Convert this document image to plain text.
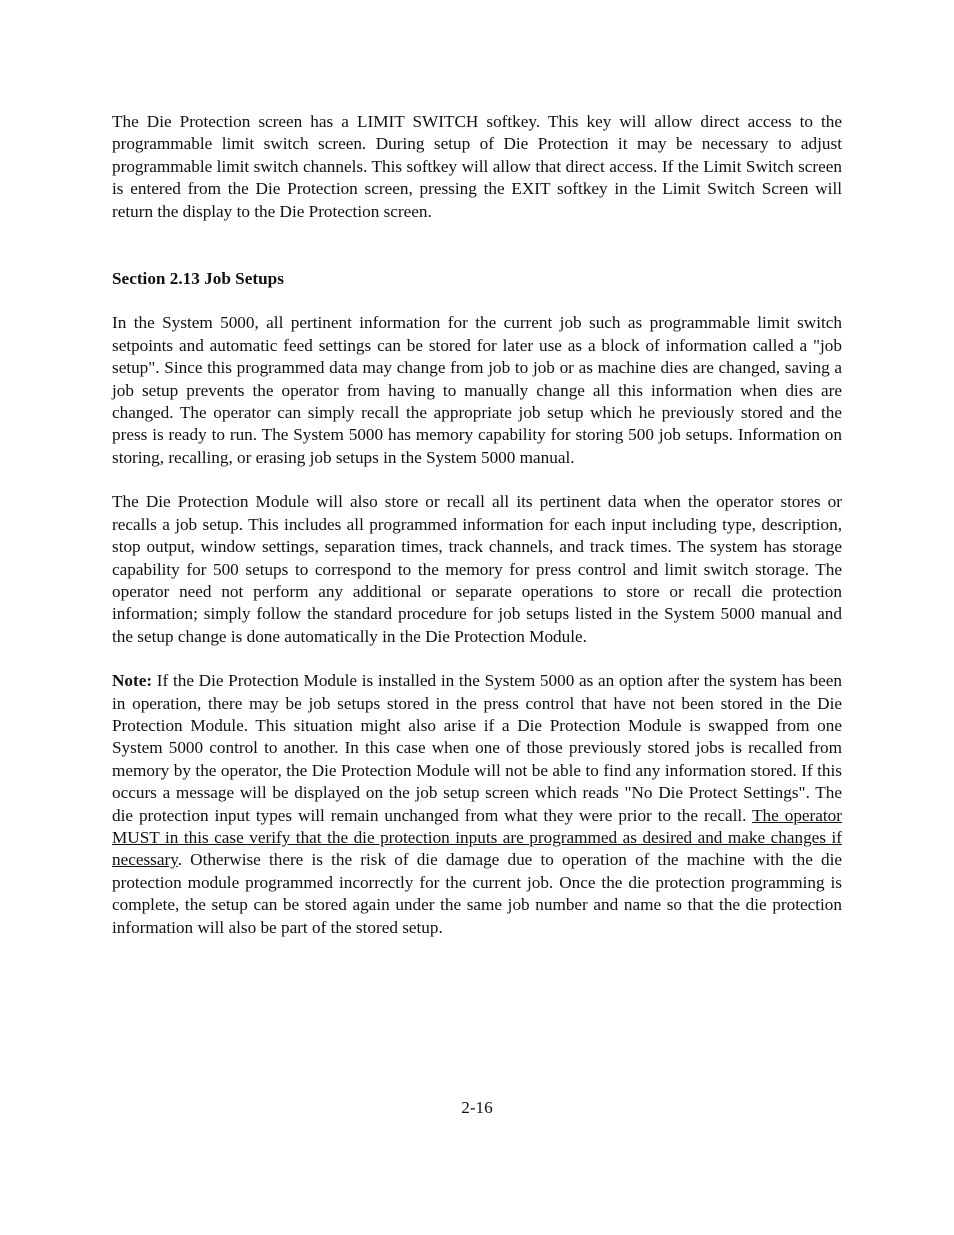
The Die Protection screen has a LIMIT SWITCH softkey. This key will allow direct access to the programmable limit switch screen. During setup of Die Protection it may be necessary to adjust programmable limit switch channels. This softkey will allow that direct access. If the Limit Switch screen is entered from the Die Protection screen, pressing the EXIT softkey in the Limit Switch Screen will return the display to the Die Protection screen.

Section 2.13 Job Setups

In the System 5000, all pertinent information for the current job such as programmable limit switch setpoints and automatic feed settings can be stored for later use as a block of information called a "job setup". Since this programmed data may change from job to job or as machine dies are changed, saving a job setup prevents the operator from having to manually change all this information when dies are changed. The operator can simply recall the appropriate job setup which he previously stored and the press is ready to run. The System 5000 has memory capability for storing 500 job setups. Information on storing, recalling, or erasing job setups in the System 5000 manual.

The Die Protection Module will also store or recall all its pertinent data when the operator stores or recalls a job setup. This includes all programmed information for each input including type, description, stop output, window settings, separation times, track channels, and track times. The system has storage capability for 500 setups to correspond to the memory for press control and limit switch storage. The operator need not perform any additional or separate operations to store or recall die protection information; simply follow the standard procedure for job setups listed in the System 5000 manual and the setup change is done automatically in the Die Protection Module.

Note: If the Die Protection Module is installed in the System 5000 as an option after the system has been in operation, there may be job setups stored in the press control that have not been stored in the Die Protection Module. This situation might also arise if a Die Protection Module is swapped from one System 5000 control to another. In this case when one of those previously stored jobs is recalled from memory by the operator, the Die Protection Module will not be able to find any information stored. If this occurs a message will be displayed on the job setup screen which reads "No Die Protect Settings". The die protection input types will remain unchanged from what they were prior to the recall. The operator MUST in this case verify that the die protection inputs are programmed as desired and make changes if necessary. Otherwise there is the risk of die damage due to operation of the machine with the die protection module programmed incorrectly for the current job. Once the die protection programming is complete, the setup can be stored again under the same job number and name so that the die protection information will also be part of the stored setup.

2-16
